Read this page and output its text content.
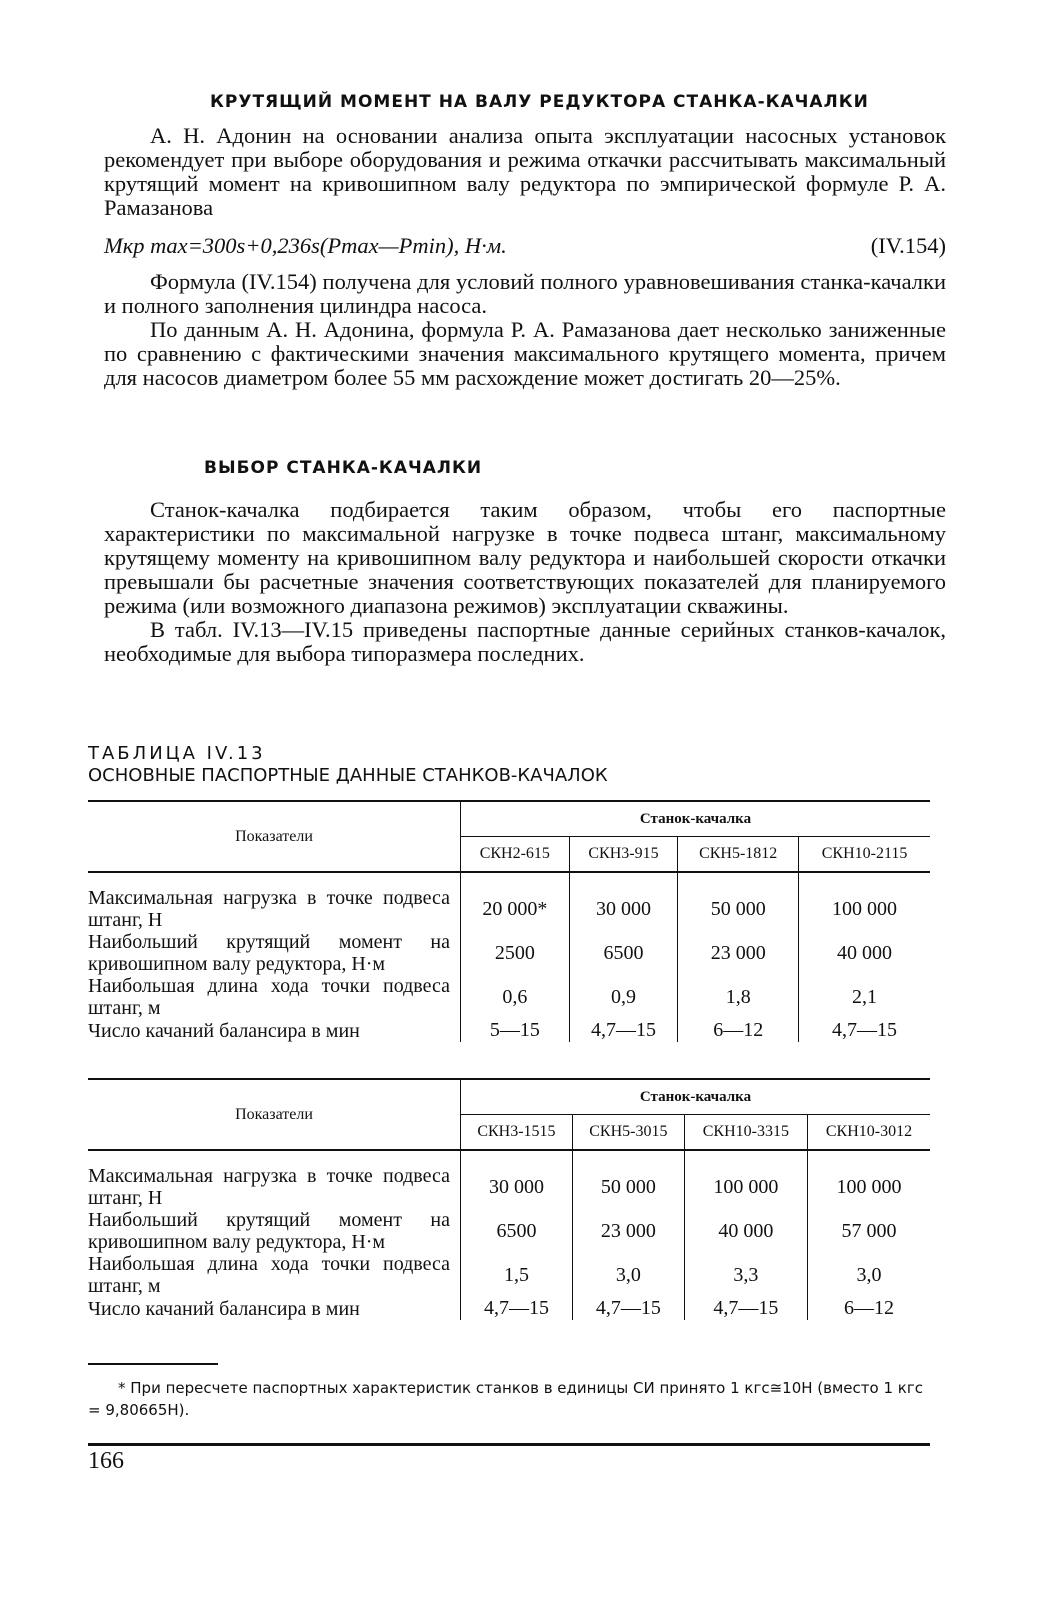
КРУТЯЩИЙ МОМЕНТ НА ВАЛУ РЕДУКТОРА СТАНКА-КАЧАЛКИ

А. Н. Адонин на основании анализа опыта эксплуатации насосных установок рекомендует при выборе оборудования и режима откачки рассчитывать максимальный крутящий момент на кривошипном валу редуктора по эмпирической формуле Р. А. Рамазанова

Мкр max=300s+0,236s(Pmax—Pmin), Н·м.	(IV.154)

Формула (IV.154) получена для условий полного уравновешивания станка-качалки и полного заполнения цилиндра насоса.

По данным А. Н. Адонина, формула Р. А. Рамазанова дает несколько заниженные по сравнению с фактическими значения максимального крутящего момента, причем для насосов диаметром более 55 мм расхождение может достигать 20—25%.

ВЫБОР СТАНКА-КАЧАЛКИ

Станок-качалка подбирается таким образом, чтобы его паспортные характеристики по максимальной нагрузке в точке подвеса штанг, максимальному крутящему моменту на кривошипном валу редуктора и наибольшей скорости откачки превышали бы расчетные значения соответствующих показателей для планируемого режима (или возможного диапазона режимов) эксплуатации скважины.

В табл. IV.13—IV.15 приведены паспортные данные серийных станков-качалок, необходимые для выбора типоразмера последних.

ТАБЛИЦА IV.13
ОСНОВНЫЕ ПАСПОРТНЫЕ ДАННЫЕ СТАНКОВ-КАЧАЛОК
Показатели	Станок-качалка			
	СКН2-615	СКН3-915	СКН5-1812	СКН10-2115

Максимальная нагрузка в точке подвеса штанг, Н	20 000*	30 000	50 000	100 000
Наибольший крутящий момент на кривошипном валу редуктора, Н·м	2500	6500	23 000	40 000
Наибольшая длина хода точки подвеса штанг, м	0,6	0,9	1,8	2,1
Число качаний балансира в мин	5—15	4,7—15	6—12	4,7—15
Показатели	Станок-качалка			
	СКН3-1515	СКН5-3015	СКН10-3315	СКН10-3012

Максимальная нагрузка в точке подвеса штанг, Н	30 000	50 000	100 000	100 000
Наибольший крутящий момент на кривошипном валу редуктора, Н·м	6500	23 000	40 000	57 000
Наибольшая длина хода точки подвеса штанг, м	1,5	3,0	3,3	3,0
Число качаний балансира в мин	4,7—15	4,7—15	4,7—15	6—12
* При пересчете паспортных характеристик станков в единицы СИ принято 1 кгс≅10Н (вместо 1 кгс = 9,80665Н).
166
